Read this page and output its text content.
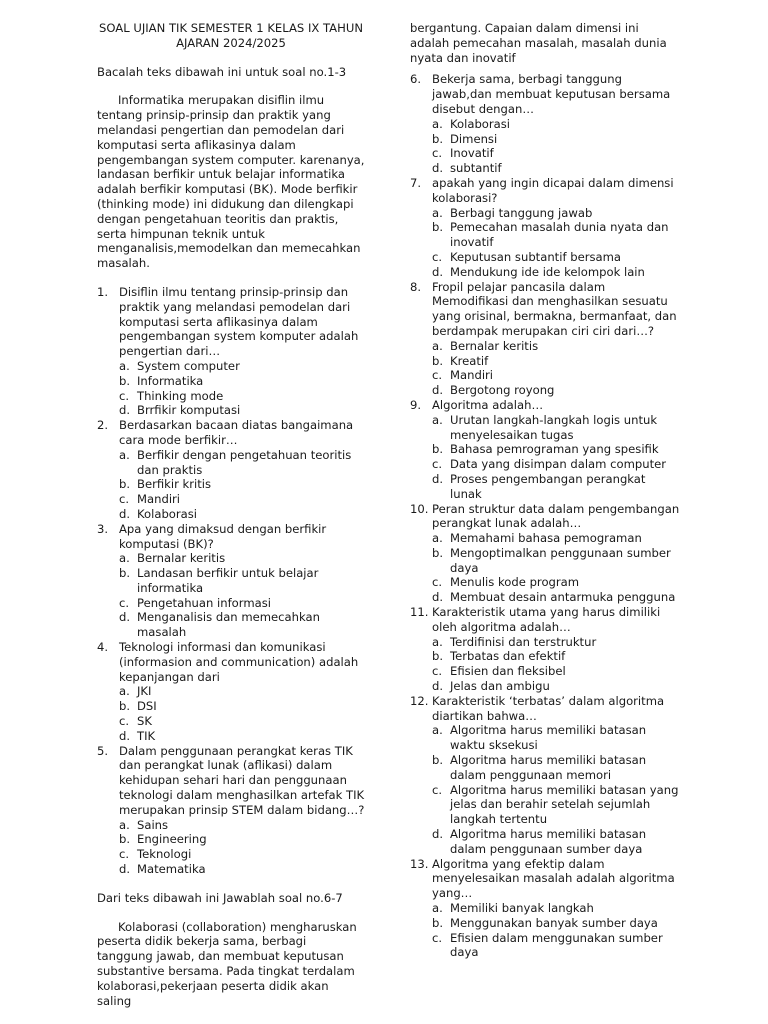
SOAL UJIAN TIK SEMESTER 1 KELAS IX TAHUN AJARAN 2024/2025
Bacalah teks dibawah ini untuk soal no.1-3

Informatika merupakan disiflin ilmu tentang prinsip-prinsip dan praktik yang melandasi pengertian dan pemodelan dari komputasi serta aflikasinya dalam pengembangan system computer. karenanya, landasan berfikir untuk belajar informatika adalah berfikir komputasi (BK). Mode berfikir (thinking mode) ini didukung dan dilengkapi dengan pengetahuan teoritis dan praktis, serta himpunan teknik untuk menganalisis,memodelkan dan memecahkan masalah.

1. Disiflin ilmu tentang prinsip-prinsip dan praktik yang melandasi pemodelan dari komputasi serta aflikasinya dalam pengembangan system komputer adalah pengertian dari…
a. System computer
b. Informatika
c. Thinking mode
d. Brrfikir komputasi
2. Berdasarkan bacaan diatas bangaimana cara mode berfikir…
a. Berfikir dengan pengetahuan teoritis dan praktis
b. Berfikir kritis
c. Mandiri
d. Kolaborasi
3. Apa yang dimaksud dengan berfikir komputasi (BK)?
a. Bernalar keritis
b. Landasan berfikir untuk belajar informatika
c. Pengetahuan informasi
d. Menganalisis dan memecahkan masalah
4. Teknologi informasi dan komunikasi (informasion and communication) adalah kepanjangan dari
a. JKI
b. DSI
c. SK
d. TIK
5. Dalam penggunaan perangkat keras TIK dan perangkat lunak (aflikasi) dalam kehidupan sehari hari dan penggunaan teknologi dalam menghasilkan artefak TIK merupakan prinsip STEM dalam bidang…?
a. Sains
b. Engineering
c. Teknologi
d. Matematika
Dari teks dibawah ini Jawablah soal no.6-7

Kolaborasi (collaboration) mengharuskan peserta didik bekerja sama, berbagi tanggung jawab, dan membuat keputusan substantive bersama. Pada tingkat terdalam kolaborasi,pekerjaan peserta didik akan saling

bergantung. Capaian dalam dimensi ini adalah pemecahan masalah, masalah dunia nyata dan inovatif
6. Bekerja sama, berbagi tanggung jawab,dan membuat keputusan bersama disebut dengan…
a. Kolaborasi
b. Dimensi
c. Inovatif
d. subtantif
7. apakah yang ingin dicapai dalam dimensi kolaborasi?
a. Berbagi tanggung jawab
b. Pemecahan masalah dunia nyata dan inovatif
c. Keputusan subtantif bersama
d. Mendukung ide ide kelompok lain
8. Fropil pelajar pancasila dalam Memodifikasi dan menghasilkan sesuatu yang orisinal, bermakna, bermanfaat, dan berdampak merupakan ciri ciri dari…?
a. Bernalar keritis
b. Kreatif
c. Mandiri
d. Bergotong royong
9. Algoritma adalah…
a. Urutan langkah-langkah logis untuk menyelesaikan tugas
b. Bahasa pemrograman yang spesifik
c. Data yang disimpan dalam computer
d. Proses pengembangan perangkat lunak
10. Peran struktur data dalam pengembangan perangkat lunak adalah…
a. Memahami bahasa pemograman
b. Mengoptimalkan penggunaan sumber daya
c. Menulis kode program
d. Membuat desain antarmuka pengguna
11. Karakteristik utama yang harus dimiliki oleh algoritma adalah…
a. Terdifinisi dan terstruktur
b. Terbatas dan efektif
c. Efisien dan fleksibel
d. Jelas dan ambigu
12. Karakteristik ‘terbatas’ dalam algoritma diartikan bahwa…
a. Algoritma harus memiliki batasan waktu sksekusi
b. Algoritma harus memiliki batasan dalam penggunaan memori
c. Algoritma harus memiliki batasan yang jelas dan berahir setelah sejumlah langkah tertentu
d. Algoritma harus memiliki batasan dalam penggunaan sumber daya
13. Algoritma yang efektip dalam menyelesaikan masalah adalah algoritma yang…
a. Memiliki banyak langkah
b. Menggunakan banyak sumber daya
c. Efisien dalam menggunakan sumber daya
